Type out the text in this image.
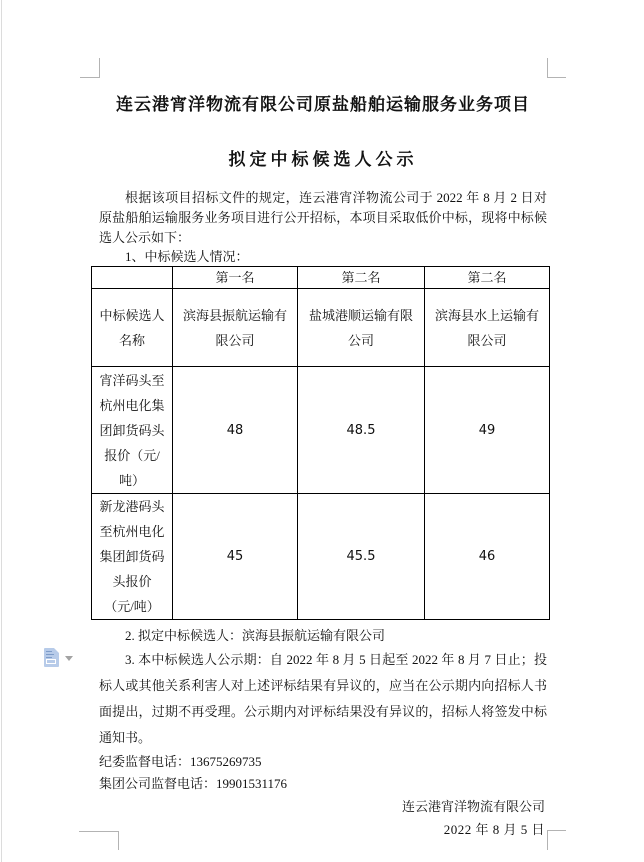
连云港宵洋物流有限公司原盐船舶运输服务业务项目
拟定中标候选人公示

根据该项目招标文件的规定，连云港宵洋物流公司于 2022 年 8 月 2 日对原盐船舶运输服务业务项目进行公开招标，本项目采取低价中标，现将中标候选人公示如下：

1、中标候选人情况：

	第一名	第二名	第二名
中标候选人名称	滨海县振航运输有限公司	盐城港顺运输有限公司	滨海县水上运输有限公司
宵洋码头至杭州电化集团卸货码头报价（元/吨）	48	48.5	49
新龙港码头至杭州电化集团卸货码头报价（元/吨）	45	45.5	46

2. 拟定中标候选人：滨海县振航运输有限公司

3. 本中标候选人公示期：自 2022 年 8 月 5 日起至 2022 年 8 月 7 日止；投标人或其他关系利害人对上述评标结果有异议的，应当在公示期内向招标人书面提出，过期不再受理。公示期内对评标结果没有异议的，招标人将签发中标通知书。

纪委监督电话：13675269735

集团公司监督电话：19901531176

连云港宵洋物流有限公司

2022 年 8 月 5 日
